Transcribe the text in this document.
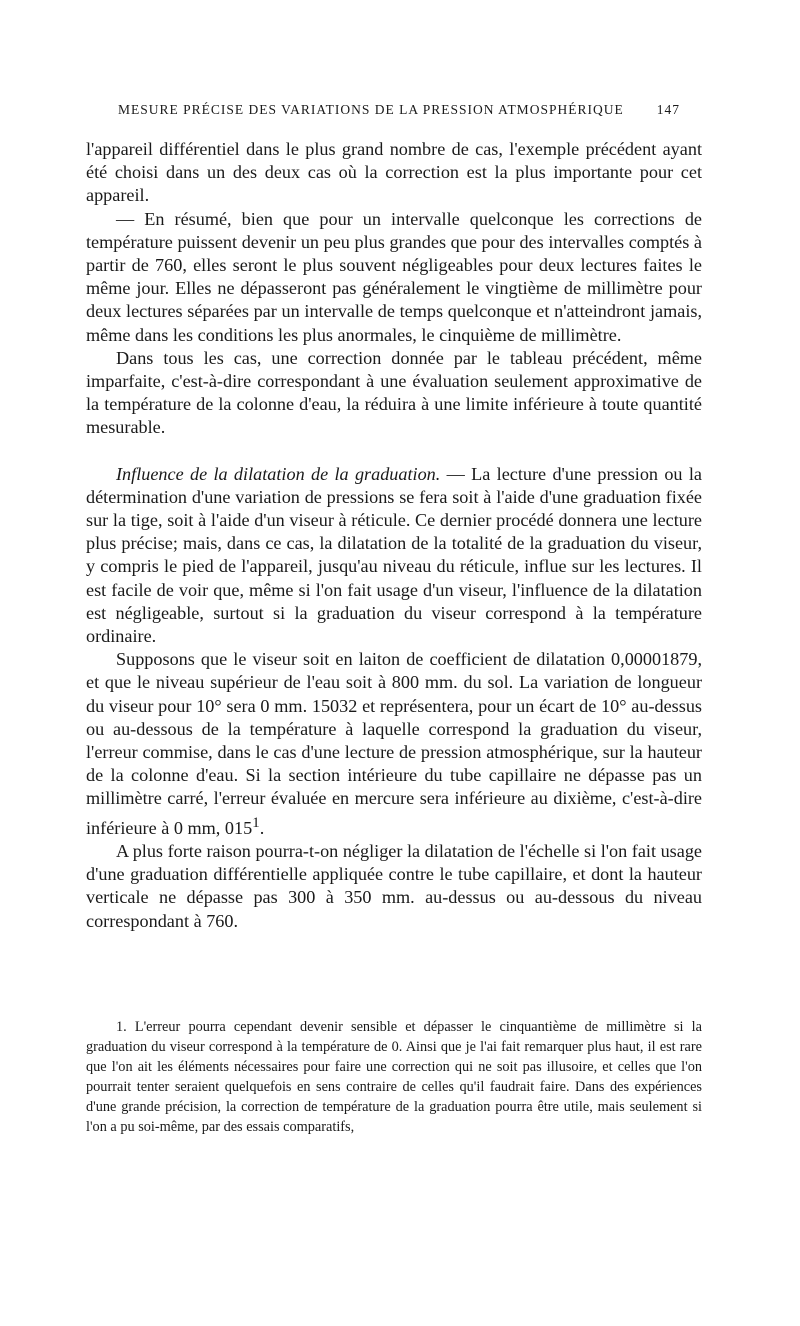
MESURE PRÉCISE DES VARIATIONS DE LA PRESSION ATMOSPHÉRIQUE 147

l'appareil différentiel dans le plus grand nombre de cas, l'exemple précédent ayant été choisi dans un des deux cas où la correction est la plus importante pour cet appareil.

— En résumé, bien que pour un intervalle quelconque les corrections de température puissent devenir un peu plus grandes que pour des intervalles comptés à partir de 760, elles seront le plus souvent négligeables pour deux lectures faites le même jour. Elles ne dépasseront pas généralement le vingtième de millimètre pour deux lectures séparées par un intervalle de temps quelconque et n'atteindront jamais, même dans les conditions les plus anormales, le cinquième de millimètre.

Dans tous les cas, une correction donnée par le tableau précédent, même imparfaite, c'est-à-dire correspondant à une évaluation seulement approximative de la température de la colonne d'eau, la réduira à une limite inférieure à toute quantité mesurable.

Influence de la dilatation de la graduation. — La lecture d'une pression ou la détermination d'une variation de pressions se fera soit à l'aide d'une graduation fixée sur la tige, soit à l'aide d'un viseur à réticule. Ce dernier procédé donnera une lecture plus précise; mais, dans ce cas, la dilatation de la totalité de la graduation du viseur, y compris le pied de l'appareil, jusqu'au niveau du réticule, influe sur les lectures. Il est facile de voir que, même si l'on fait usage d'un viseur, l'influence de la dilatation est négligeable, surtout si la graduation du viseur correspond à la température ordinaire.

Supposons que le viseur soit en laiton de coefficient de dilatation 0,00001879, et que le niveau supérieur de l'eau soit à 800 mm. du sol. La variation de longueur du viseur pour 10° sera 0 mm. 15032 et représentera, pour un écart de 10° au-dessus ou au-dessous de la température à laquelle correspond la graduation du viseur, l'erreur commise, dans le cas d'une lecture de pression atmosphérique, sur la hauteur de la colonne d'eau. Si la section intérieure du tube capillaire ne dépasse pas un millimètre carré, l'erreur évaluée en mercure sera inférieure au dixième, c'est-à-dire inférieure à 0 mm, $015^1$.

A plus forte raison pourra-t-on négliger la dilatation de l'échelle si l'on fait usage d'une graduation différentielle appliquée contre le tube capillaire, et dont la hauteur verticale ne dépasse pas 300 à 350 mm. au-dessus ou au-dessous du niveau correspondant à 760.

1. L'erreur pourra cependant devenir sensible et dépasser le cinquantième de millimètre si la graduation du viseur correspond à la température de 0. Ainsi que je l'ai fait remarquer plus haut, il est rare que l'on ait les éléments nécessaires pour faire une correction qui ne soit pas illusoire, et celles que l'on pourrait tenter seraient quelquefois en sens contraire de celles qu'il faudrait faire. Dans des expériences d'une grande précision, la correction de température de la graduation pourra être utile, mais seulement si l'on a pu soi-même, par des essais comparatifs,
